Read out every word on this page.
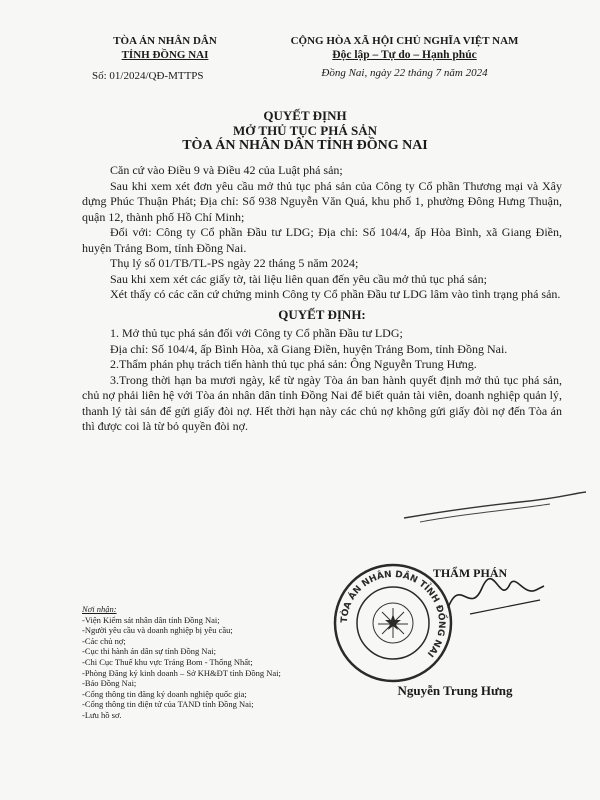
TÒA ÁN NHÂN DÂN
TỈNH ĐỒNG NAI
Số: 01/2024/QĐ-MTTPS
CỘNG HÒA XÃ HỘI CHỦ NGHĨA VIỆT NAM
Độc lập – Tự do – Hạnh phúc
Đồng Nai, ngày 22 tháng 7 năm 2024
QUYẾT ĐỊNH
MỞ THỦ TỤC PHÁ SẢN
TÒA ÁN NHÂN DÂN TỈNH ĐỒNG NAI

Căn cứ vào Điều 9 và Điều 42 của Luật phá sản;

Sau khi xem xét đơn yêu cầu mở thủ tục phá sản của Công ty Cổ phần Thương mại và Xây dựng Phúc Thuận Phát; Địa chỉ: Số 938 Nguyễn Văn Quá, khu phố 1, phường Đông Hưng Thuận, quận 12, thành phố Hồ Chí Minh;

Đối với: Công ty Cổ phần Đầu tư LDG; Địa chỉ: Số 104/4, ấp Hòa Bình, xã Giang Điền, huyện Trảng Bom, tỉnh Đồng Nai.

Thụ lý số 01/TB/TL-PS ngày 22 tháng 5 năm 2024;

Sau khi xem xét các giấy tờ, tài liệu liên quan đến yêu cầu mở thủ tục phá sản;

Xét thấy có các căn cứ chứng minh Công ty Cổ phần Đầu tư LDG lâm vào tình trạng phá sản.

QUYẾT ĐỊNH:

1. Mở thủ tục phá sản đối với Công ty Cổ phần Đầu tư LDG;

Địa chỉ: Số 104/4, ấp Bình Hòa, xã Giang Điền, huyện Trảng Bom, tỉnh Đồng Nai.

2.Thẩm phán phụ trách tiến hành thủ tục phá sản: Ông Nguyễn Trung Hưng.

3.Trong thời hạn ba mươi ngày, kể từ ngày Tòa án ban hành quyết định mở thủ tục phá sản, chủ nợ phải liên hệ với Tòa án nhân dân tỉnh Đồng Nai để biết quản tài viên, doanh nghiệp quản lý, thanh lý tài sản để gửi giấy đòi nợ. Hết thời hạn này các chủ nợ không gửi giấy đòi nợ đến Tòa án thì được coi là từ bỏ quyền đòi nợ.

Nơi nhận:
-Viện Kiểm sát nhân dân tỉnh Đồng Nai;
-Người yêu cầu và doanh nghiệp bị yêu cầu;
-Các chủ nợ;
-Cục thi hành án dân sự tỉnh Đồng Nai;
-Chi Cục Thuế khu vực Trảng Bom - Thống Nhất;
-Phòng Đăng ký kinh doanh – Sở KH&ĐT tỉnh Đồng Nai;
-Báo Đồng Nai;
-Cổng thông tin đăng ký doanh nghiệp quốc gia;
-Cổng thông tin điện tử của TAND tỉnh Đồng Nai;
-Lưu hồ sơ.
TÒA ÁN NHÂN DÂN TỈNH ĐỒNG NAI
THẨM PHÁN
Nguyễn Trung Hưng
